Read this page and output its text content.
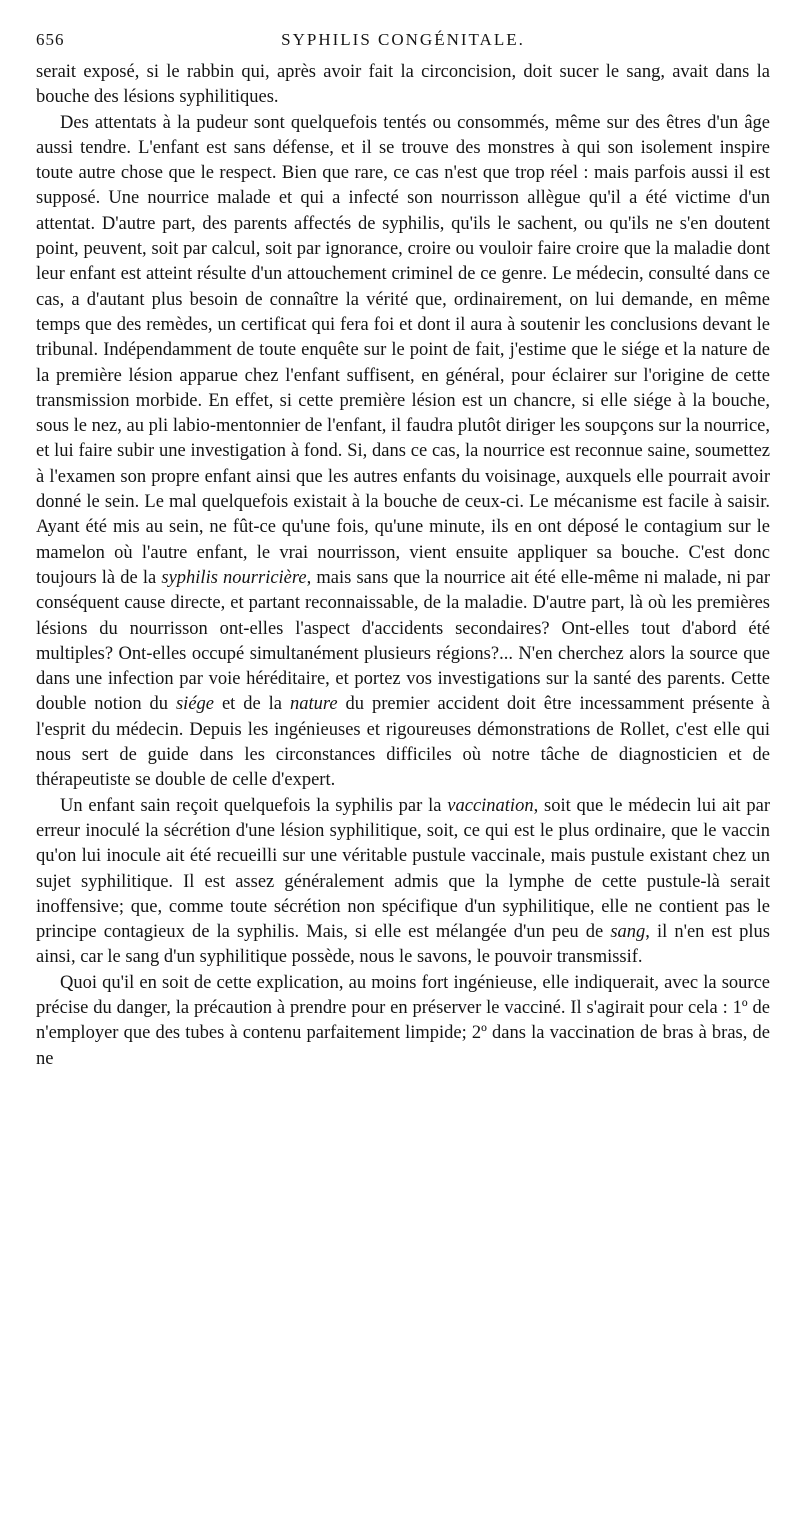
656	SYPHILIS CONGÉNITALE.

serait exposé, si le rabbin qui, après avoir fait la circoncision, doit sucer le sang, avait dans la bouche des lésions syphilitiques.

Des attentats à la pudeur sont quelquefois tentés ou consommés, même sur des êtres d'un âge aussi tendre. L'enfant est sans défense, et il se trouve des monstres à qui son isolement inspire toute autre chose que le respect. Bien que rare, ce cas n'est que trop réel : mais parfois aussi il est supposé. Une nourrice malade et qui a infecté son nourrisson allègue qu'il a été victime d'un attentat. D'autre part, des parents affectés de syphilis, qu'ils le sachent, ou qu'ils ne s'en doutent point, peuvent, soit par calcul, soit par ignorance, croire ou vouloir faire croire que la maladie dont leur enfant est atteint résulte d'un attouchement criminel de ce genre. Le médecin, consulté dans ce cas, a d'autant plus besoin de connaître la vérité que, ordinairement, on lui demande, en même temps que des remèdes, un certificat qui fera foi et dont il aura à soutenir les conclusions devant le tribunal. Indépendamment de toute enquête sur le point de fait, j'estime que le siége et la nature de la première lésion apparue chez l'enfant suffisent, en général, pour éclairer sur l'origine de cette transmission morbide. En effet, si cette première lésion est un chancre, si elle siége à la bouche, sous le nez, au pli labio-mentonnier de l'enfant, il faudra plutôt diriger les soupçons sur la nourrice, et lui faire subir une investigation à fond. Si, dans ce cas, la nourrice est reconnue saine, soumettez à l'examen son propre enfant ainsi que les autres enfants du voisinage, auxquels elle pourrait avoir donné le sein. Le mal quelquefois existait à la bouche de ceux-ci. Le mécanisme est facile à saisir. Ayant été mis au sein, ne fût-ce qu'une fois, qu'une minute, ils en ont déposé le contagium sur le mamelon où l'autre enfant, le vrai nourrisson, vient ensuite appliquer sa bouche. C'est donc toujours là de la syphilis nourricière, mais sans que la nourrice ait été elle-même ni malade, ni par conséquent cause directe, et partant reconnaissable, de la maladie. D'autre part, là où les premières lésions du nourrisson ont-elles l'aspect d'accidents secondaires? Ont-elles tout d'abord été multiples? Ont-elles occupé simultanément plusieurs régions?... N'en cherchez alors la source que dans une infection par voie héréditaire, et portez vos investigations sur la santé des parents. Cette double notion du siége et de la nature du premier accident doit être incessamment présente à l'esprit du médecin. Depuis les ingénieuses et rigoureuses démonstrations de Rollet, c'est elle qui nous sert de guide dans les circonstances difficiles où notre tâche de diagnosticien et de thérapeutiste se double de celle d'expert.

Un enfant sain reçoit quelquefois la syphilis par la vaccination, soit que le médecin lui ait par erreur inoculé la sécrétion d'une lésion syphilitique, soit, ce qui est le plus ordinaire, que le vaccin qu'on lui inocule ait été recueilli sur une véritable pustule vaccinale, mais pustule existant chez un sujet syphilitique. Il est assez généralement admis que la lymphe de cette pustule-là serait inoffensive; que, comme toute sécrétion non spécifique d'un syphilitique, elle ne contient pas le principe contagieux de la syphilis. Mais, si elle est mélangée d'un peu de sang, il n'en est plus ainsi, car le sang d'un syphilitique possède, nous le savons, le pouvoir transmissif.

Quoi qu'il en soit de cette explication, au moins fort ingénieuse, elle indiquerait, avec la source précise du danger, la précaution à prendre pour en préserver le vacciné. Il s'agirait pour cela : 1º de n'employer que des tubes à contenu parfaitement limpide; 2º dans la vaccination de bras à bras, de ne
